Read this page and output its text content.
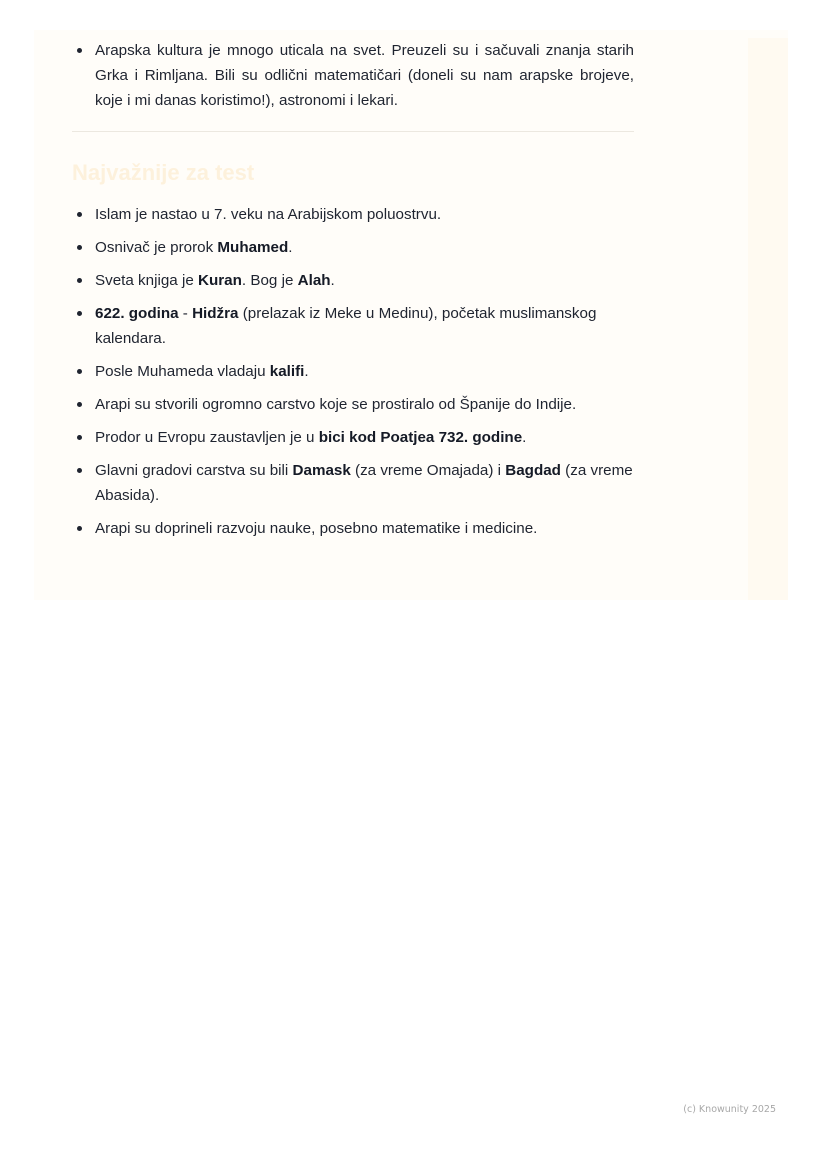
Arapska kultura je mnogo uticala na svet. Preuzeli su i sačuvali znanja starih Grka i Rimljana. Bili su odlični matematičari (doneli su nam arapske brojeve, koje i mi danas koristimo!), astronomi i lekari.
Najvažnije za test
Islam je nastao u 7. veku na Arabijskom poluostrvu.
Osnivač je prorok Muhamed.
Sveta knjiga je Kuran. Bog je Alah.
622. godina - Hidžra (prelazak iz Meke u Medinu), početak muslimanskog kalendara.
Posle Muhameda vladaju kalifi.
Arapi su stvorili ogromno carstvo koje se prostiralo od Španije do Indije.
Prodor u Evropu zaustavljen je u bici kod Poatjea 732. godine.
Glavni gradovi carstva su bili Damask (za vreme Omajada) i Bagdad (za vreme Abasida).
Arapi su doprineli razvoju nauke, posebno matematike i medicine.
(c) Knowunity 2025
